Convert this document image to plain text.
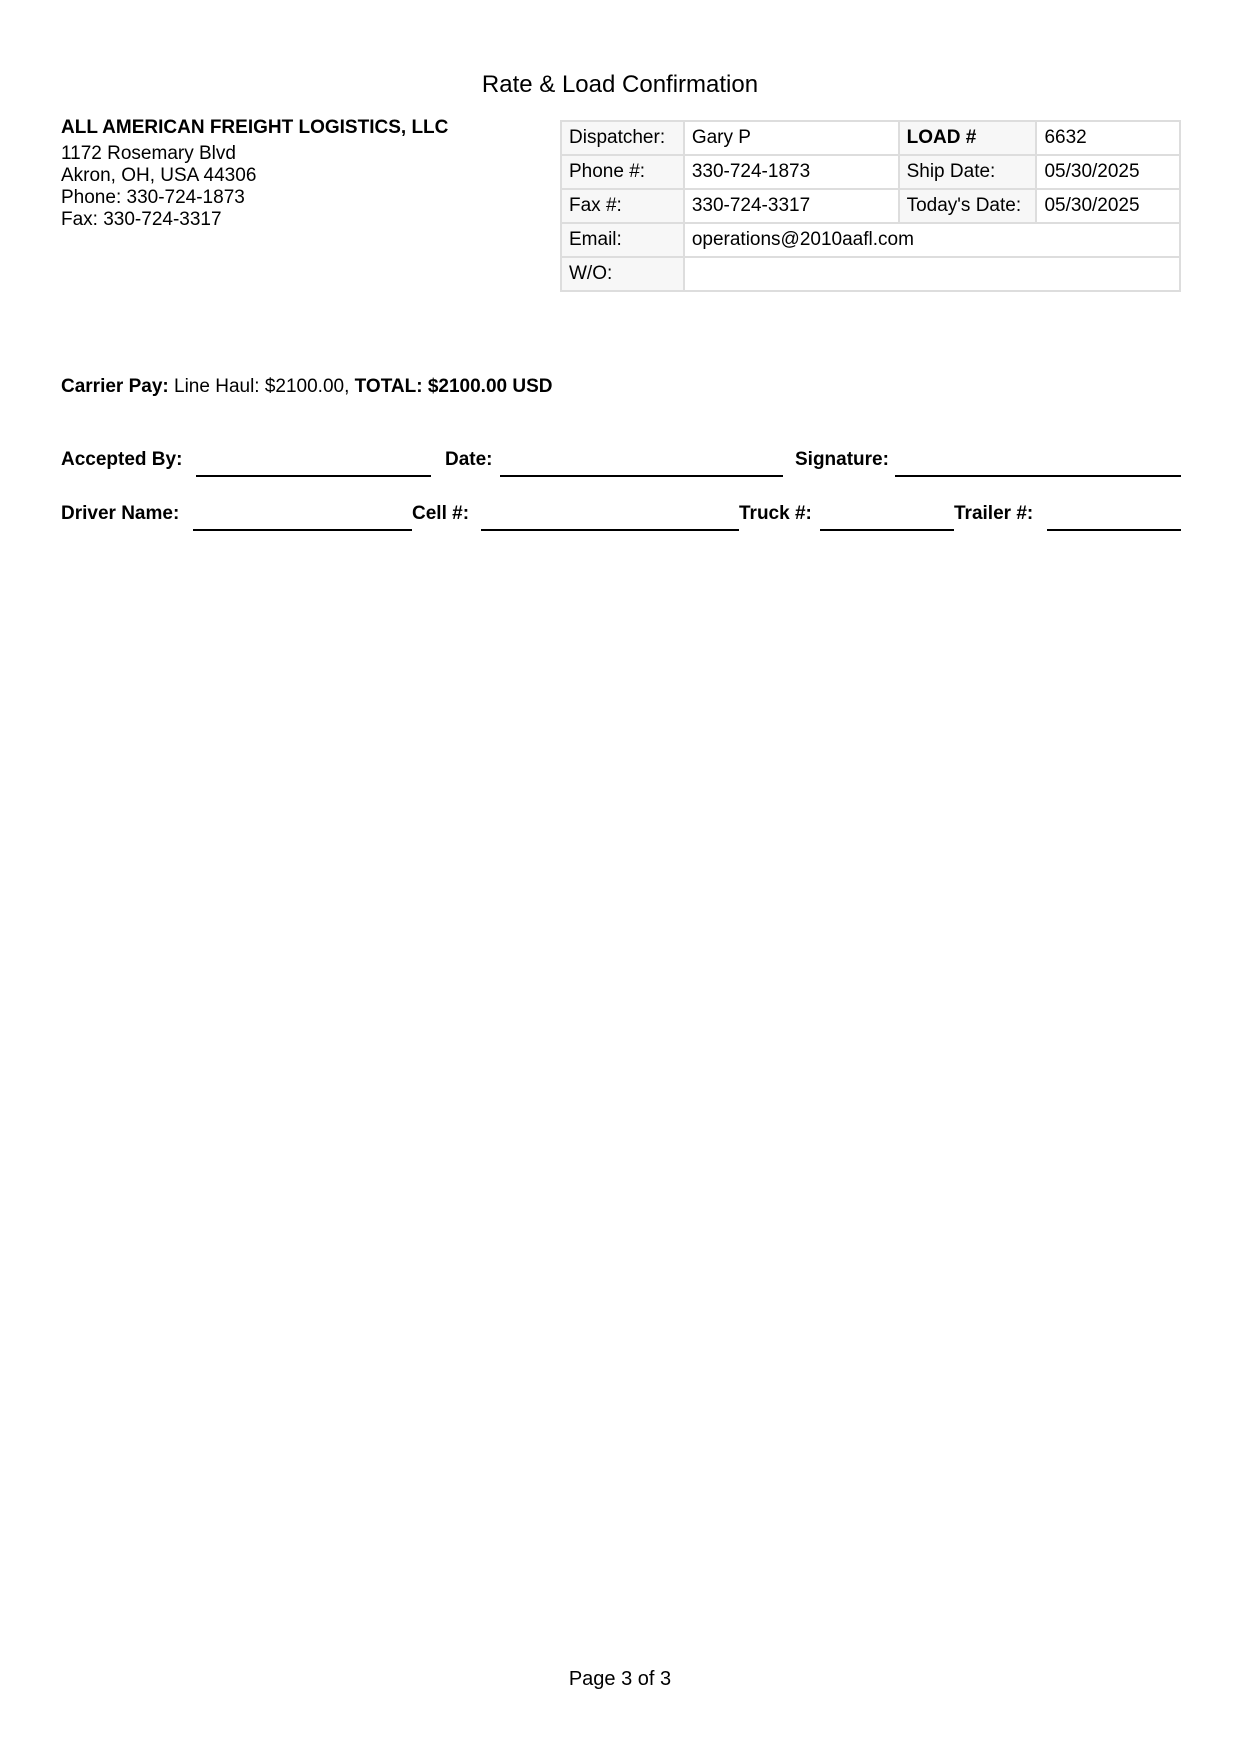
Rate & Load Confirmation
ALL AMERICAN FREIGHT LOGISTICS, LLC
1172 Rosemary Blvd
Akron, OH, USA 44306
Phone: 330-724-1873
Fax: 330-724-3317
Dispatcher:	Gary P	LOAD #	6632
Phone #:	330-724-1873	Ship Date:	05/30/2025
Fax #:	330-724-3317	Today's Date:	05/30/2025
Email:	operations@2010aafl.com		
W/O:			
Carrier Pay: Line Haul: $2100.00, TOTAL: $2100.00 USD
Accepted By:	Date:	Signature:
Driver Name:	Cell #:	Truck #:	Trailer #:
Page 3 of 3
